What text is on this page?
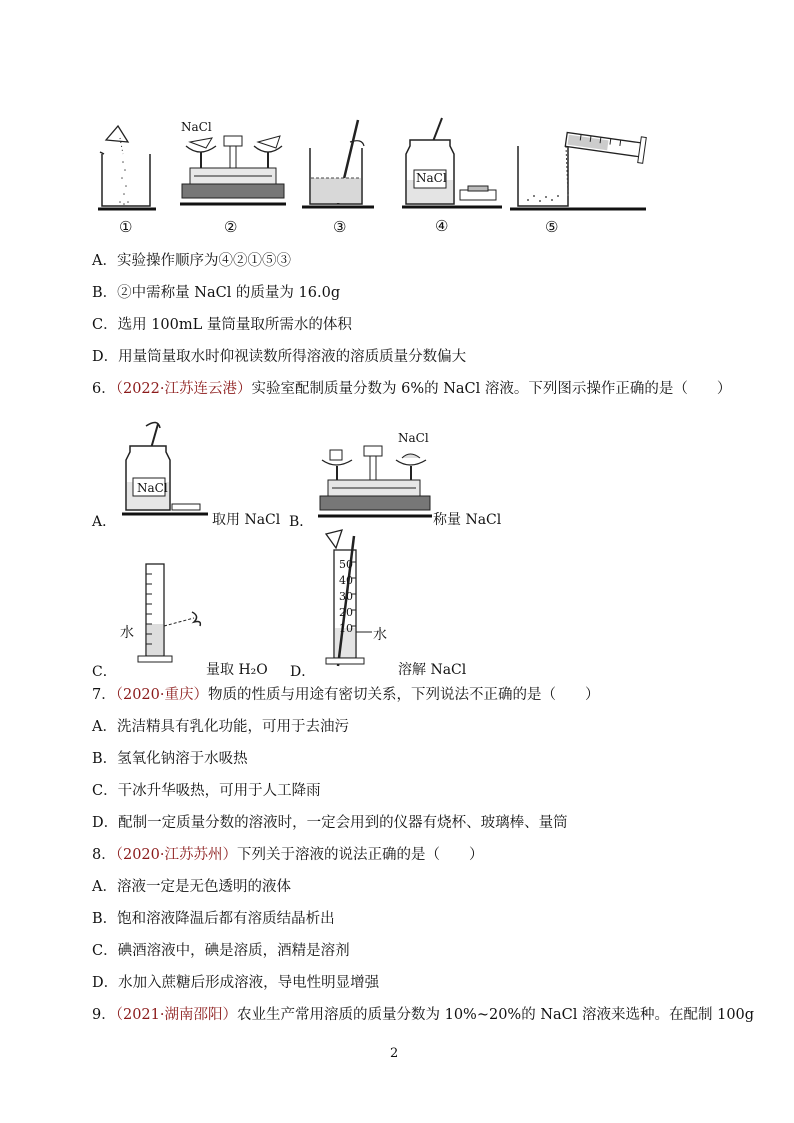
NaCl
NaCl
①	②	③	④	⑤
A．实验操作顺序为④②①⑤③
B．②中需称量 NaCl 的质量为 16.0g
C．选用 100mL 量筒量取所需水的体积
D．用量筒量取水时仰视读数所得溶液的溶质质量分数偏大
6．（2022·江苏连云港）实验室配制质量分数为 6%的 NaCl 溶液。下列图示操作正确的是（　　）
NaCl
A．	取用 NaCl
NaCl
B．	称量 NaCl
水
C．	量取 H₂O
50
40
30
20
10 水
D．	溶解 NaCl
7．（2020·重庆）物质的性质与用途有密切关系，下列说法不正确的是（　　）
A．洗洁精具有乳化功能，可用于去油污
B．氢氧化钠溶于水吸热
C．干冰升华吸热，可用于人工降雨
D．配制一定质量分数的溶液时，一定会用到的仪器有烧杯、玻璃棒、量筒
8．（2020·江苏苏州）下列关于溶液的说法正确的是（　　）
A．溶液一定是无色透明的液体
B．饱和溶液降温后都有溶质结晶析出
C．碘酒溶液中，碘是溶质，酒精是溶剂
D．水加入蔗糖后形成溶液，导电性明显增强
9．（2021·湖南邵阳）农业生产常用溶质的质量分数为 10%~20%的 NaCl 溶液来选种。在配制 100g
2
